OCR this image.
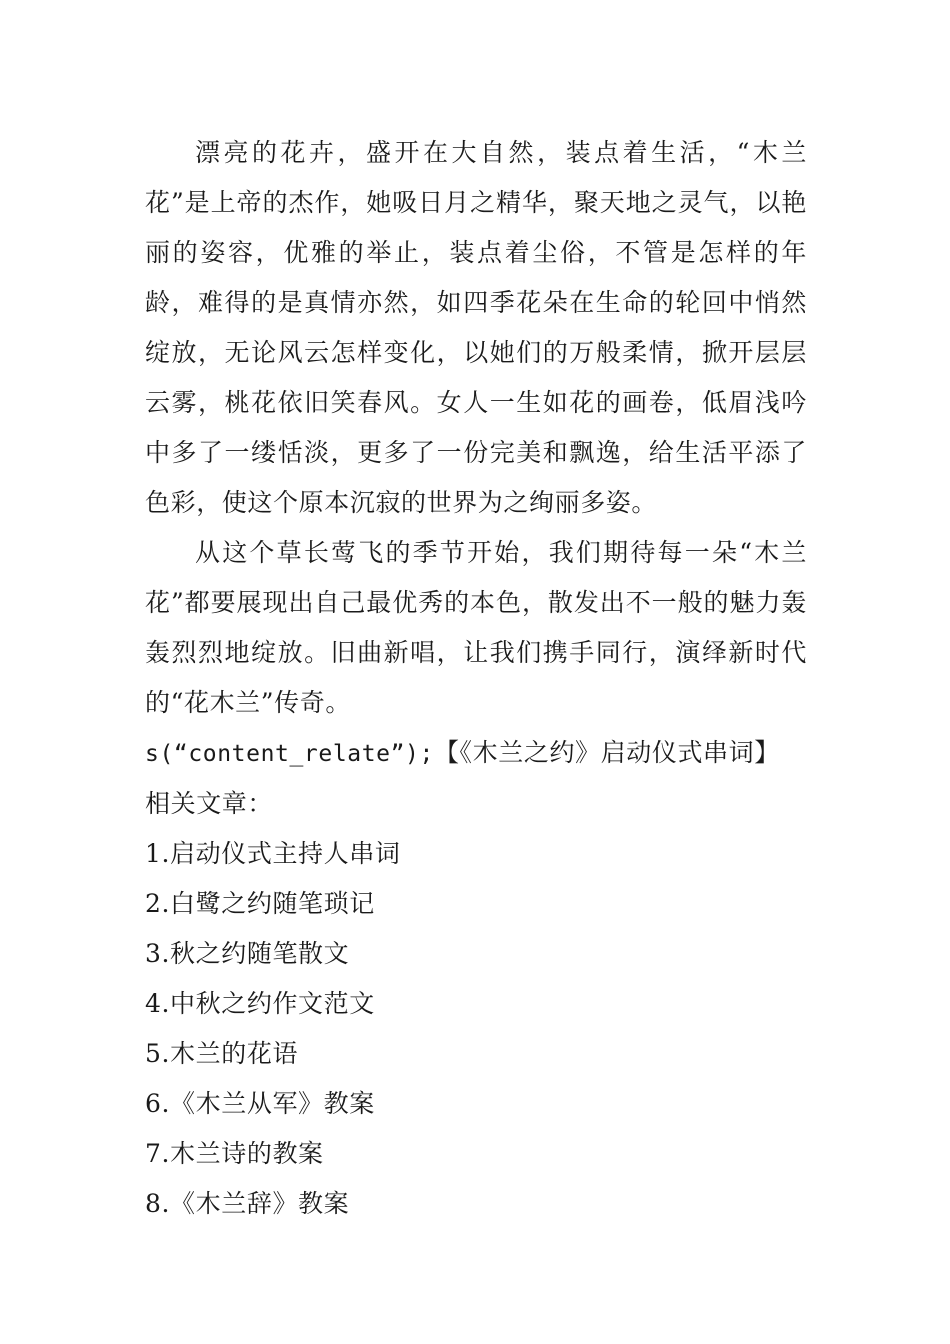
漂亮的花卉，盛开在大自然，装点着生活，“木兰花”是上帝的杰作，她吸日月之精华，聚天地之灵气，以艳丽的姿容，优雅的举止，装点着尘俗，不管是怎样的年龄，难得的是真情亦然，如四季花朵在生命的轮回中悄然绽放，无论风云怎样变化，以她们的万般柔情，掀开层层云雾，桃花依旧笑春风。女人一生如花的画卷，低眉浅吟中多了一缕恬淡，更多了一份完美和飘逸，给生活平添了色彩，使这个原本沉寂的世界为之绚丽多姿。

从这个草长莺飞的季节开始，我们期待每一朵“木兰花”都要展现出自己最优秀的本色，散发出不一般的魅力轰轰烈烈地绽放。旧曲新唱，让我们携手同行，演绎新时代的“花木兰”传奇。

s(“content_relate”);【《木兰之约》启动仪式串词】

相关文章：

1.启动仪式主持人串词
2.白鹭之约随笔琐记
3.秋之约随笔散文
4.中秋之约作文范文
5.木兰的花语
6.《木兰从军》教案
7.木兰诗的教案
8.《木兰辞》教案
